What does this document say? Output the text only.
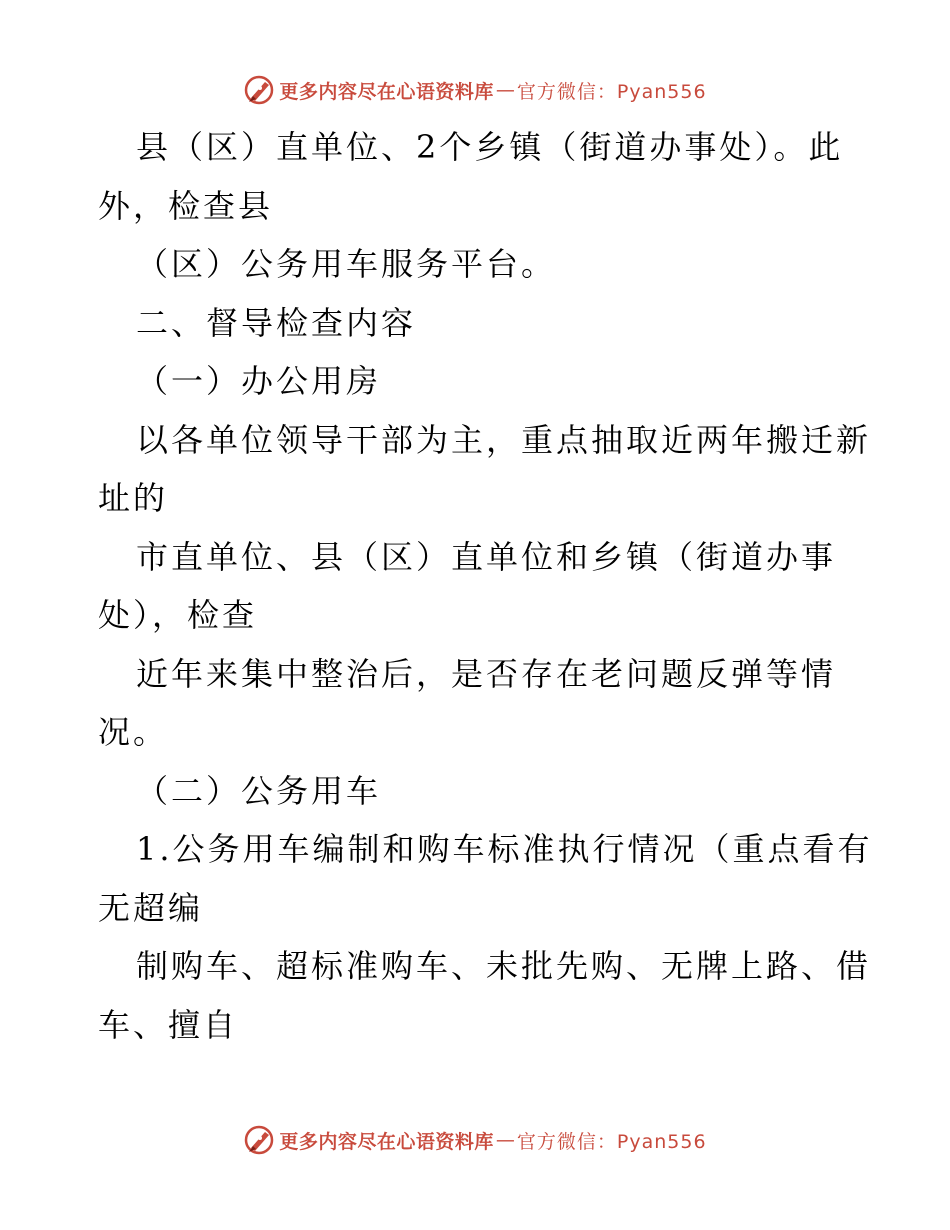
更多内容尽在心语资料库 — 官方微信：Pyan556
县（区）直单位、2个乡镇（街道办事处）。此
外，检查县
（区）公务用车服务平台。
二、督导检查内容
（一）办公用房
以各单位领导干部为主，重点抽取近两年搬迁新
址的
市直单位、县（区）直单位和乡镇（街道办事
处），检查
近年来集中整治后，是否存在老问题反弹等情
况。
（二）公务用车
1.公务用车编制和购车标准执行情况（重点看有
无超编
制购车、超标准购车、未批先购、无牌上路、借
车、擅自
更多内容尽在心语资料库 — 官方微信：Pyan556
